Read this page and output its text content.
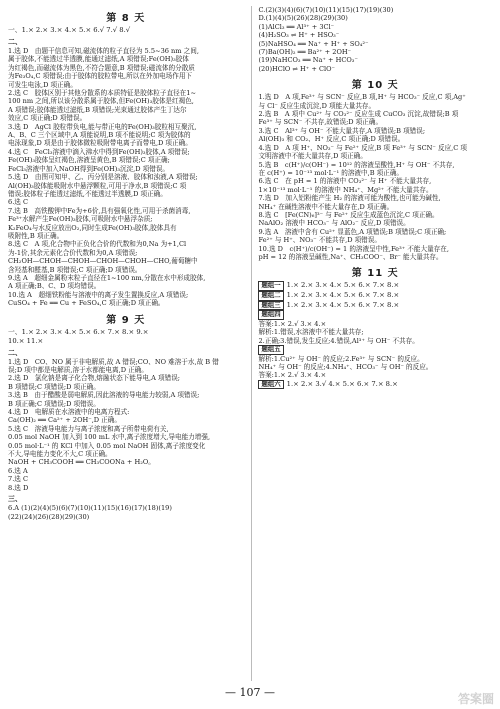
第 8 天
一、1.× 2.× 3.× 4.× 5.× 6.√ 7.√ 8.√
二、
1.选 D　由题干信息可知,磁流体的粒子直径为 5.5~36 nm 之间,
属于胶体,不能透过半透膜,能通过滤纸,A 项错误;Fe(OH)₃胶体
为红褐色,而磁流体为黑色,不符合题意,B 项错误;磁流体的分散质
为Fe₃O₄,C 项错误;由于胶体的胶粒带电,所以在外加电场作用下
可发生电泳,D 项正确。
2.选 C　胶体区别于其他分散系的本质特征是胶体粒子直径在1~
100 nm 之间,所以该分散系属于胶体,但Fe(OH)₃胶体是红褐色,
A 项错误;胶体能透过滤纸,B 项错误;光束通过胶体产生丁达尔
效应,C 项正确;D 项错误。
3.选 D　AgCl 胶粒带负电,能与带正电的Fe(OH)₃胶粒相互聚沉,
A、B、C 三个区域中,A 项能说明,B 项不能说明;C 项为胶体的
电泳现象,D 项是由于胶体微粒吸附带电离子而带电,D 项正确。
4.选 C　FeCl₃溶液中滴入沸水中得到Fe(OH)₃胶体,A 项错误;
Fe(OH)₃胶体呈红褐色,溶液呈黄色,B 项错误;C 项正确;
FeCl₃溶液中加入NaOH得到Fe(OH)₃沉淀,D 项错误。
5.选 D　由图可知甲、乙、丙分别是溶液、胶体和浊液,A 项错误;
Al(OH)₃胶体能吸附水中悬浮颗粒,可用于净水,B 项错误;C 项
错误;胶体粒子能透过滤纸,不能透过半透膜,D 项正确。
6.选 C　
7.选 B　高铁酸钾中Fe为+6价,具有强氧化性,可用于杀菌消毒,
Fe³⁺水解产生Fe(OH)₃胶体,可吸附水中悬浮杂质;
K₂FeO₄与水反应放出O₂,同时生成Fe(OH)₃胶体,胶体具有
吸附性,B 项正确。
8.选 C　A 项,化合物中正负化合价的代数和为0,Na 为+1,Cl
为-1价,其余元素化合价代数和为0,A 项错误;
CH₂OH—CHOH—CHOH—CHOH—CHOH—CHO,葡萄糖中
含羟基和醛基,B 项错误;C 项正确;D 项错误。
9.选 A　超细金属粉末粒子直径在1~100 nm,分散在水中形成胶体,
A 项正确;B、C、D 项均错误。
10.选 A　超细铁粉能与溶液中的离子发生置换反应,A 项错误;
CuSO₄ + Fe ══ Cu + FeSO₄,C 项正确;D 项正确。
第 9 天
一、1.× 2.× 3.× 4.× 5.× 6.× 7.× 8.× 9.×
10.× 11.×
二、
1.选 D　CO、NO 属于非电解质,故 A 错误;CO、NO 难溶于水,故 B 错
误;D 项中都是电解质,溶于水都能电离,D 正确。
2.选 D　氯化钠是离子化合物,熔融状态下能导电,A 项错误;
B 项错误;C 项错误;D 项正确。
3.选 B　由于醋酸是弱电解质,因此溶液的导电能力较弱,A 项错误;
B 项正确;C 项错误;D 项错误。
4.选 D　电解质在水溶液中的电离方程式:
Ca(OH)₂ ══ Ca²⁺ + 2OH⁻,D 正确。
5.选 C　溶液导电能力与离子浓度和离子所带电荷有关,
0.05 mol NaOH 加入到 100 mL 水中,离子浓度增大,导电能力增强,
0.05 mol·L⁻¹ 的 KCl 中加入 0.05 mol NaOH 固体,离子浓度变化
不大,导电能力变化不大,C 项正确。
NaOH + CH₃COOH ══ CH₃COONa + H₂O。
6.选 A　
7.选 C　
8.选 D　
三、
6.A (1)(2)(4)(5)(6)(7)(10)(11)(15)(16)(17)(18)(19)
(22)(24)(26)(28)(29)(30)
C.(2)(3)(4)(6)(7)(10)(11)(15)(17)(19)(30)
D.(1)(4)(5)(26)(28)(29)(30)
(1)AlCl₃ ══ Al³⁺ + 3Cl⁻
(4)H₂SO₃ ⇌ H⁺ + HSO₃⁻
(5)NaHSO₄ ══ Na⁺ + H⁺ + SO₄²⁻
(7)Ba(OH)₂ ══ Ba²⁺ + 2OH⁻
(19)NaHCO₃ ══ Na⁺ + HCO₃⁻
(20)HClO ⇌ H⁺ + ClO⁻
第 10 天
1.选 D　A 项,Fe³⁺ 与 SCN⁻ 反应,B 项,H⁺ 与 HCO₃⁻ 反应,C 项,Ag⁺
与 Cl⁻ 反应生成沉淀,D 项能大量共存。
2.选 B　A 项中 Cu²⁺ 与 CO₃²⁻ 反应生成 CuCO₃ 沉淀,故错误;B 项
Fe³⁺ 与 SCN⁻ 不共存,故错误;D 项正确。
3.选 C　Al³⁺ 与 OH⁻ 不能大量共存,A 项错误;B 项错误;
Al(OH)₃ 和 CO₂、H⁺ 反应,C 项正确;D 项错误。
4.选 D　A 项 H⁺、NO₃⁻ 与 Fe²⁺ 反应,B 项 Fe³⁺ 与 SCN⁻ 反应,C 项
文明溶液中不能大量共存,D 项正确。
5.选 B　c(H⁺)/c(OH⁻) = 10¹² 的溶液呈酸性,H⁺ 与 OH⁻ 不共存,
在 c(H⁺) = 10⁻¹³ mol·L⁻¹ 的溶液中,B 项正确。
6.选 C　在 pH = 1 的溶液中 CO₃²⁻ 与 H⁺ 不能大量共存,
1×10⁻¹³ mol·L⁻¹ 的溶液中 NH₄⁺、Mg²⁺ 不能大量共存。
7.选 D　加入铝粉能产生 H₂ 的溶液可能为酸性,也可能为碱性,
NH₄⁺ 在碱性溶液中不能大量存在,D 项正确。
8.选 C　[Fe(CN)₆]³⁻ 与 Fe²⁺ 反应生成蓝色沉淀,C 项正确。
NaAlO₂ 溶液中 HCO₃⁻ 与 AlO₂⁻ 反应,D 项错误。
9.选 A　溶液中含有 Cu²⁺ 显蓝色,A 项错误;B 项错误;C 项正确;
Fe²⁺ 与 H⁺、NO₃⁻ 不能共存,D 项错误。
10.选 D　c(H⁺)/c(OH⁻) = 1 的溶液呈中性,Fe³⁺ 不能大量存在,
pH = 12 的溶液呈碱性,Na⁺、CH₃COO⁻、Br⁻ 能大量共存。
第 11 天
题组一 1.× 2.× 3.× 4.× 5.× 6.× 7.× 8.×
题组二 1.× 2.× 3.× 4.× 5.× 6.× 7.× 8.×
题组三 1.× 2.× 3.× 4.× 5.× 6.× 7.× 8.×
题组四
答案:1.× 2.√ 3.× 4.×
解析:1.错误,水溶液中不能大量共存;
2.正确;3.错误,发生反应;4.错误,Al³⁺ 与 OH⁻ 不共存。
题组五
解析:1.Cu²⁺ 与 OH⁻ 的反应;2.Fe³⁺ 与 SCN⁻ 的反应。
NH₄⁺ 与 OH⁻ 的反应;4.NH₄⁺、HCO₃⁻ 与 OH⁻ 的反应。
答案:1.× 2.√ 3.× 4.×
题组六 1.× 2.× 3.√ 4.× 5.× 6.× 7.× 8.×
— 107 —	答案圈
